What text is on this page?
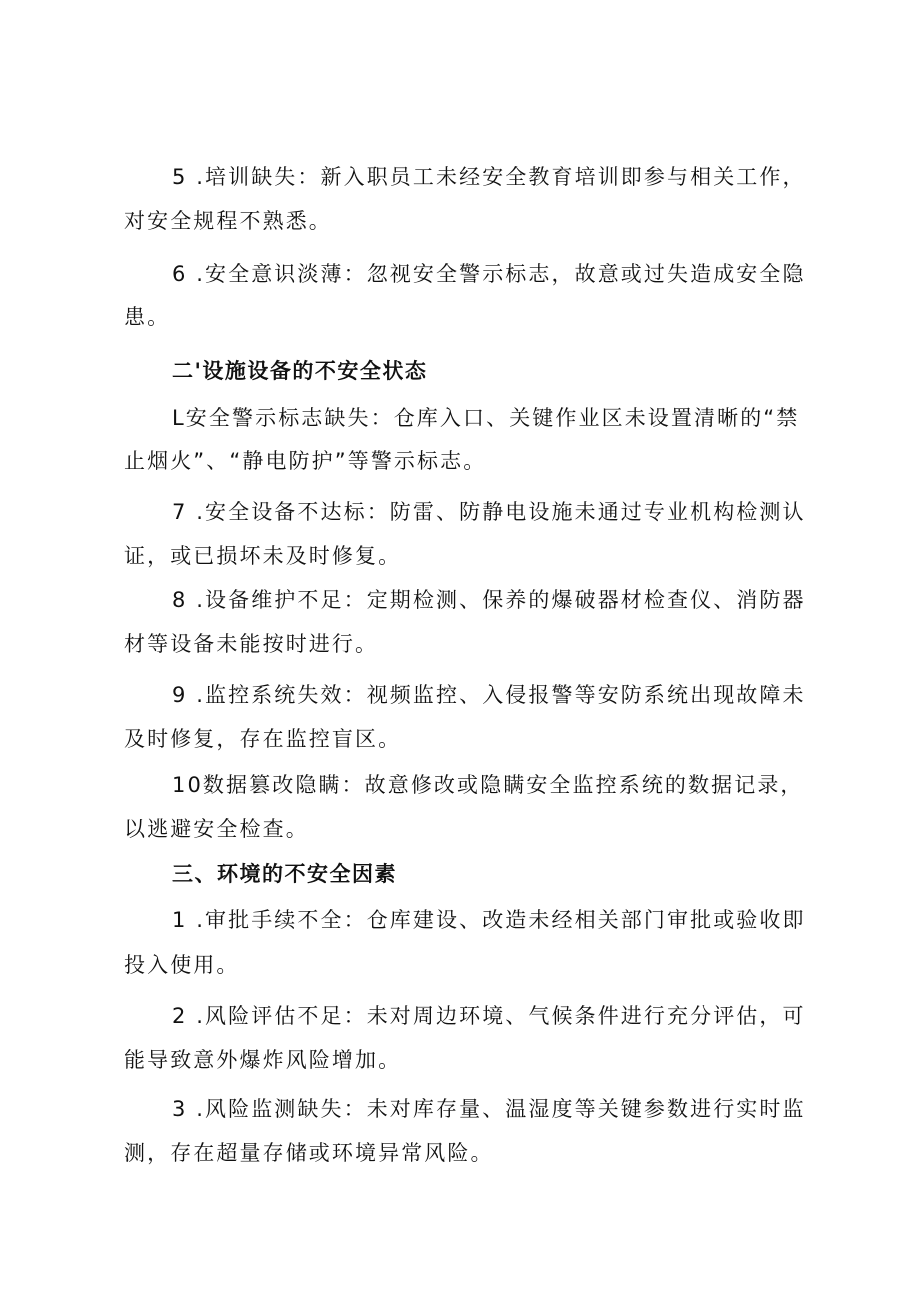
5 .培训缺失：新入职员工未经安全教育培训即参与相关工作，
对安全规程不熟悉。
6 .安全意识淡薄：忽视安全警示标志，故意或过失造成安全隐
患。
二'设施设备的不安全状态
L安全警示标志缺失：仓库入口、关键作业区未设置清晰的“禁
止烟火”、“静电防护”等警示标志。
7 .安全设备不达标：防雷、防静电设施未通过专业机构检测认
证，或已损坏未及时修复。
8 .设备维护不足：定期检测、保养的爆破器材检查仪、消防器
材等设备未能按时进行。
9 .监控系统失效：视频监控、入侵报警等安防系统出现故障未
及时修复，存在监控盲区。
10数据篡改隐瞒：故意修改或隐瞒安全监控系统的数据记录，
以逃避安全检查。
三、环境的不安全因素
1 .审批手续不全：仓库建设、改造未经相关部门审批或验收即
投入使用。
2 .风险评估不足：未对周边环境、气候条件进行充分评估，可
能导致意外爆炸风险增加。
3 .风险监测缺失：未对库存量、温湿度等关键参数进行实时监
测，存在超量存储或环境异常风险。
